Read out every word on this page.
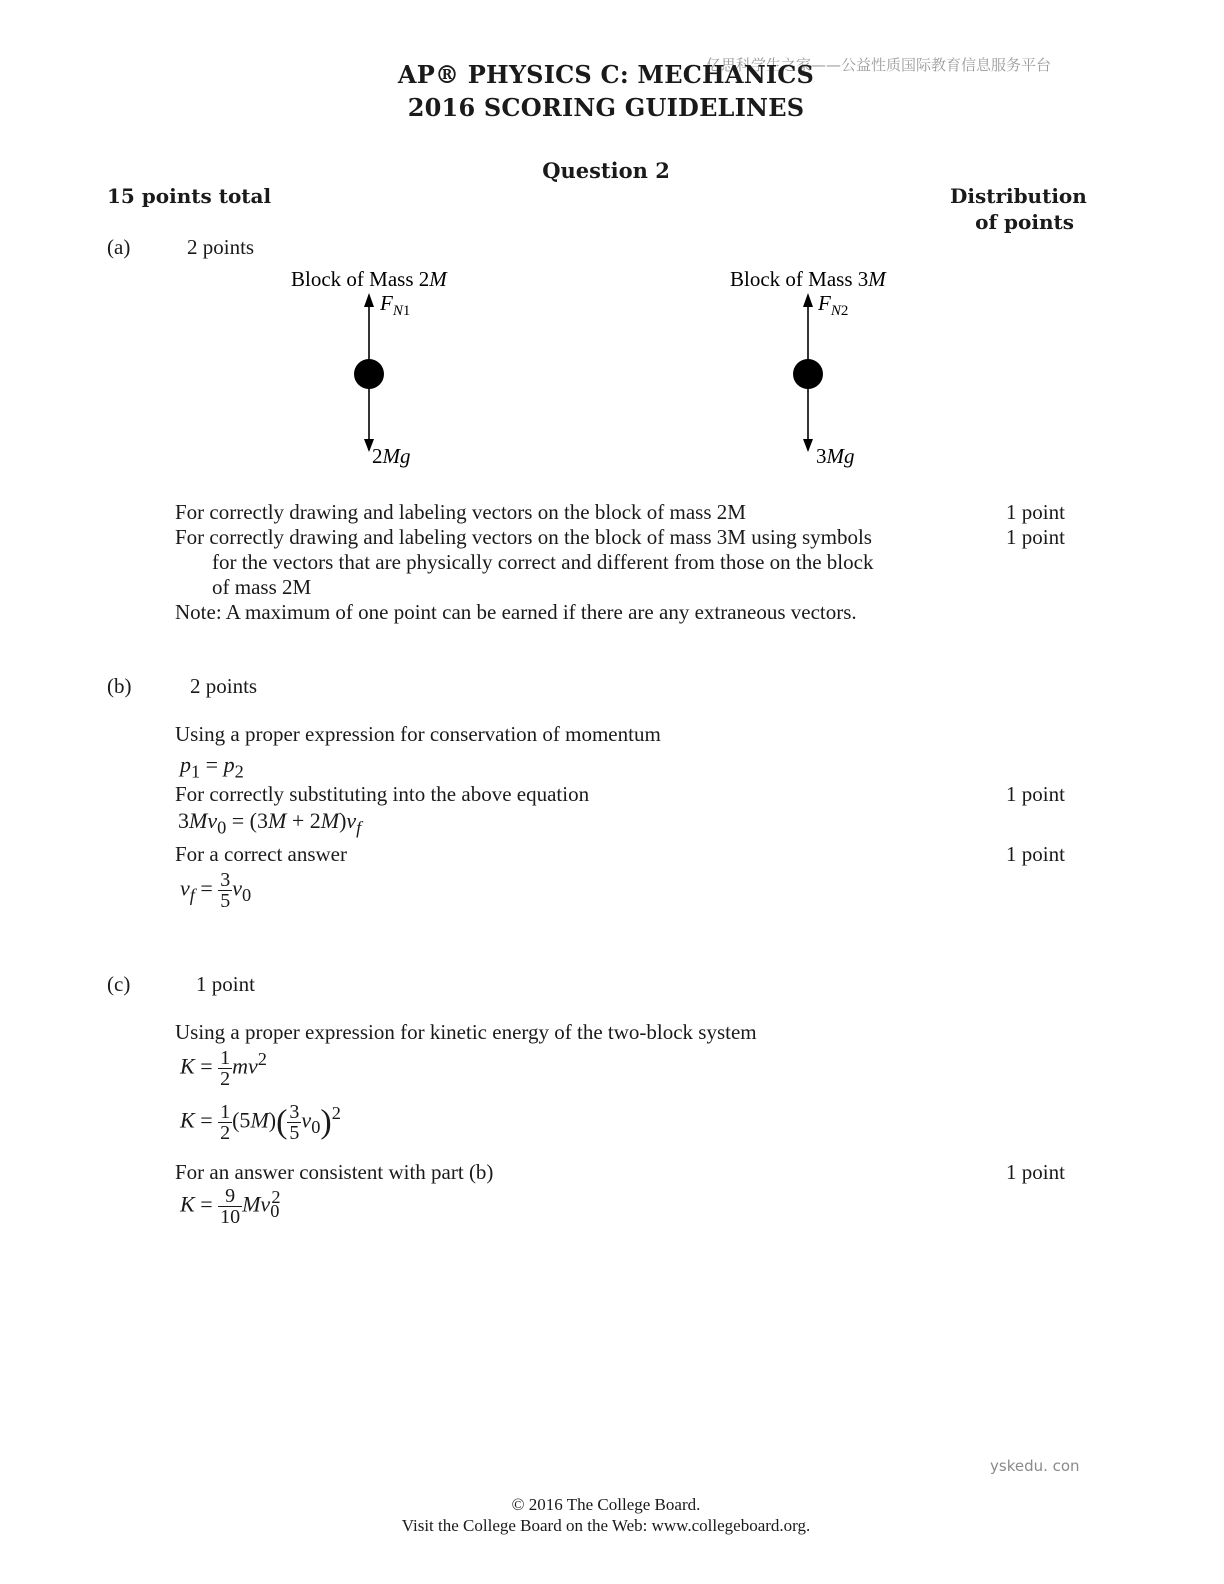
亿思科学生之家——公益性质国际教育信息服务平台
AP® PHYSICS C: MECHANICS
2016 SCORING GUIDELINES
Question 2
15 points total	Distribution
of points
(a)	2 points
Block of Mass 2M
$F_N1$
2Mg
Block of Mass 3M
$F_N2$
3Mg
For correctly drawing and labeling vectors on the block of mass 2M	1 point
For correctly drawing and labeling vectors on the block of mass 3M using symbols	1 point
for the vectors that are physically correct and different from those on the block
of mass 2M
Note: A maximum of one point can be earned if there are any extraneous vectors.
(b)	2 points
Using a proper expression for conservation of momentum
$p_1 = p_2$
For correctly substituting into the above equation	1 point
$3Mv_0 = (3M + 2M)v_f$
For a correct answer	1 point
$v_f = \frac{3}{5} v_0$
(c)	1 point
Using a proper expression for kinetic energy of the two-block system
$K = \frac{1}{2} mv^2$
$K = \frac{1}{2} (5M)( \frac{3}{5} v_0)^2$
For an answer consistent with part (b)	1 point
$K = \frac{9}{10} Mv_0^2$
yskedu. con
© 2016 The College Board.
Visit the College Board on the Web: www.collegeboard.org.
